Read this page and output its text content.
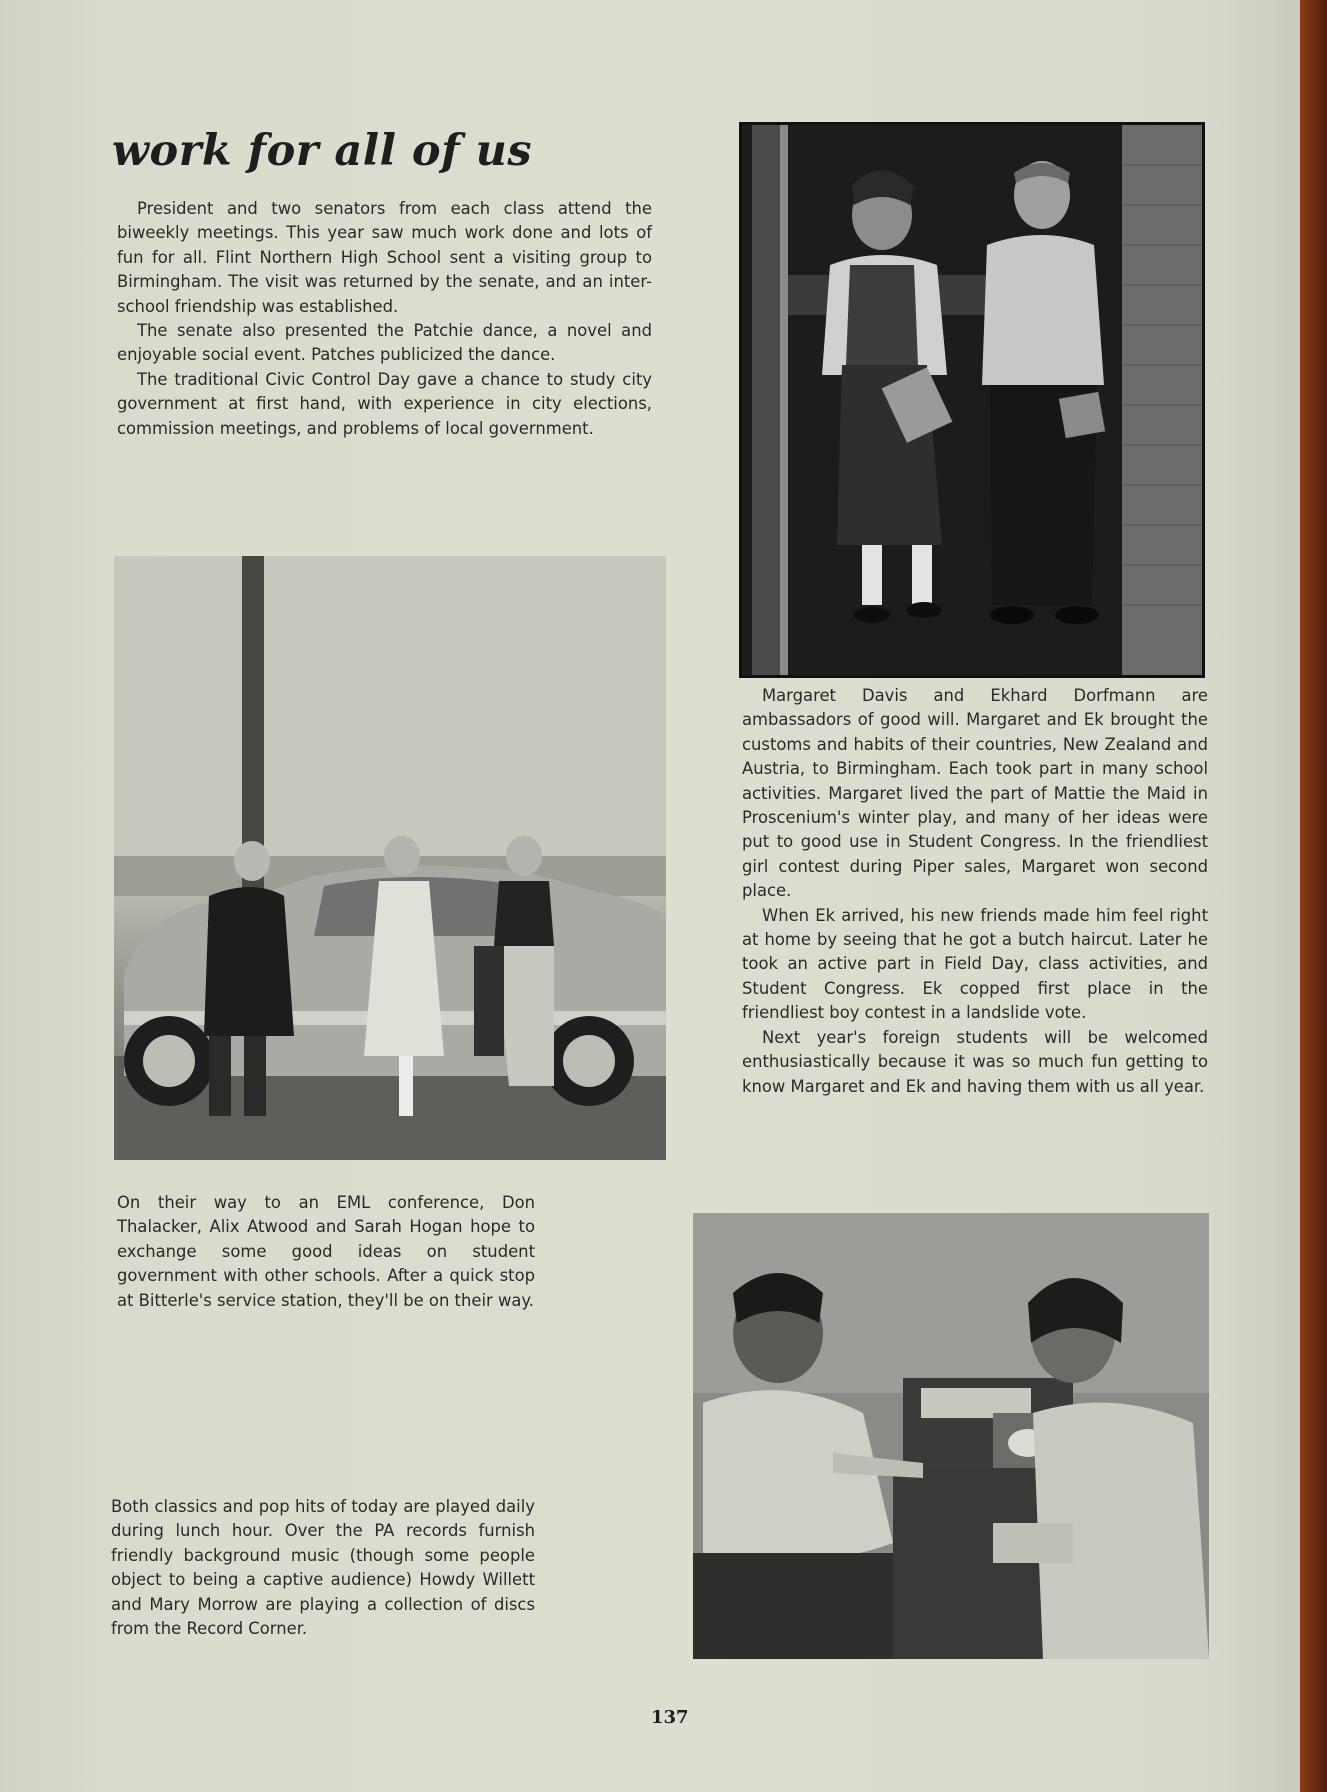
work for all of us

President and two senators from each class attend the biweekly meetings. This year saw much work done and lots of fun for all. Flint Northern High School sent a visiting group to Birmingham. The visit was returned by the senate, and an inter-school friendship was established.

The senate also presented the Patchie dance, a novel and enjoyable social event. Patches publicized the dance.

The traditional Civic Control Day gave a chance to study city government at first hand, with experience in city elections, commission meetings, and problems of local government.

Margaret Davis and Ekhard Dorfmann are ambassadors of good will. Margaret and Ek brought the customs and habits of their countries, New Zealand and Austria, to Birmingham. Each took part in many school activities. Margaret lived the part of Mattie the Maid in Proscenium's winter play, and many of her ideas were put to good use in Student Congress. In the friendliest girl contest during Piper sales, Margaret won second place.

When Ek arrived, his new friends made him feel right at home by seeing that he got a butch haircut. Later he took an active part in Field Day, class activities, and Student Congress. Ek copped first place in the friendliest boy contest in a landslide vote.

Next year's foreign students will be welcomed enthusiastically because it was so much fun getting to know Margaret and Ek and having them with us all year.

On their way to an EML conference, Don Thalacker, Alix Atwood and Sarah Hogan hope to exchange some good ideas on student government with other schools. After a quick stop at Bitterle's service station, they'll be on their way.
Both classics and pop hits of today are played daily during lunch hour. Over the PA records furnish friendly background music (though some people object to being a captive audience) Howdy Willett and Mary Morrow are playing a collection of discs from the Record Corner.
137
